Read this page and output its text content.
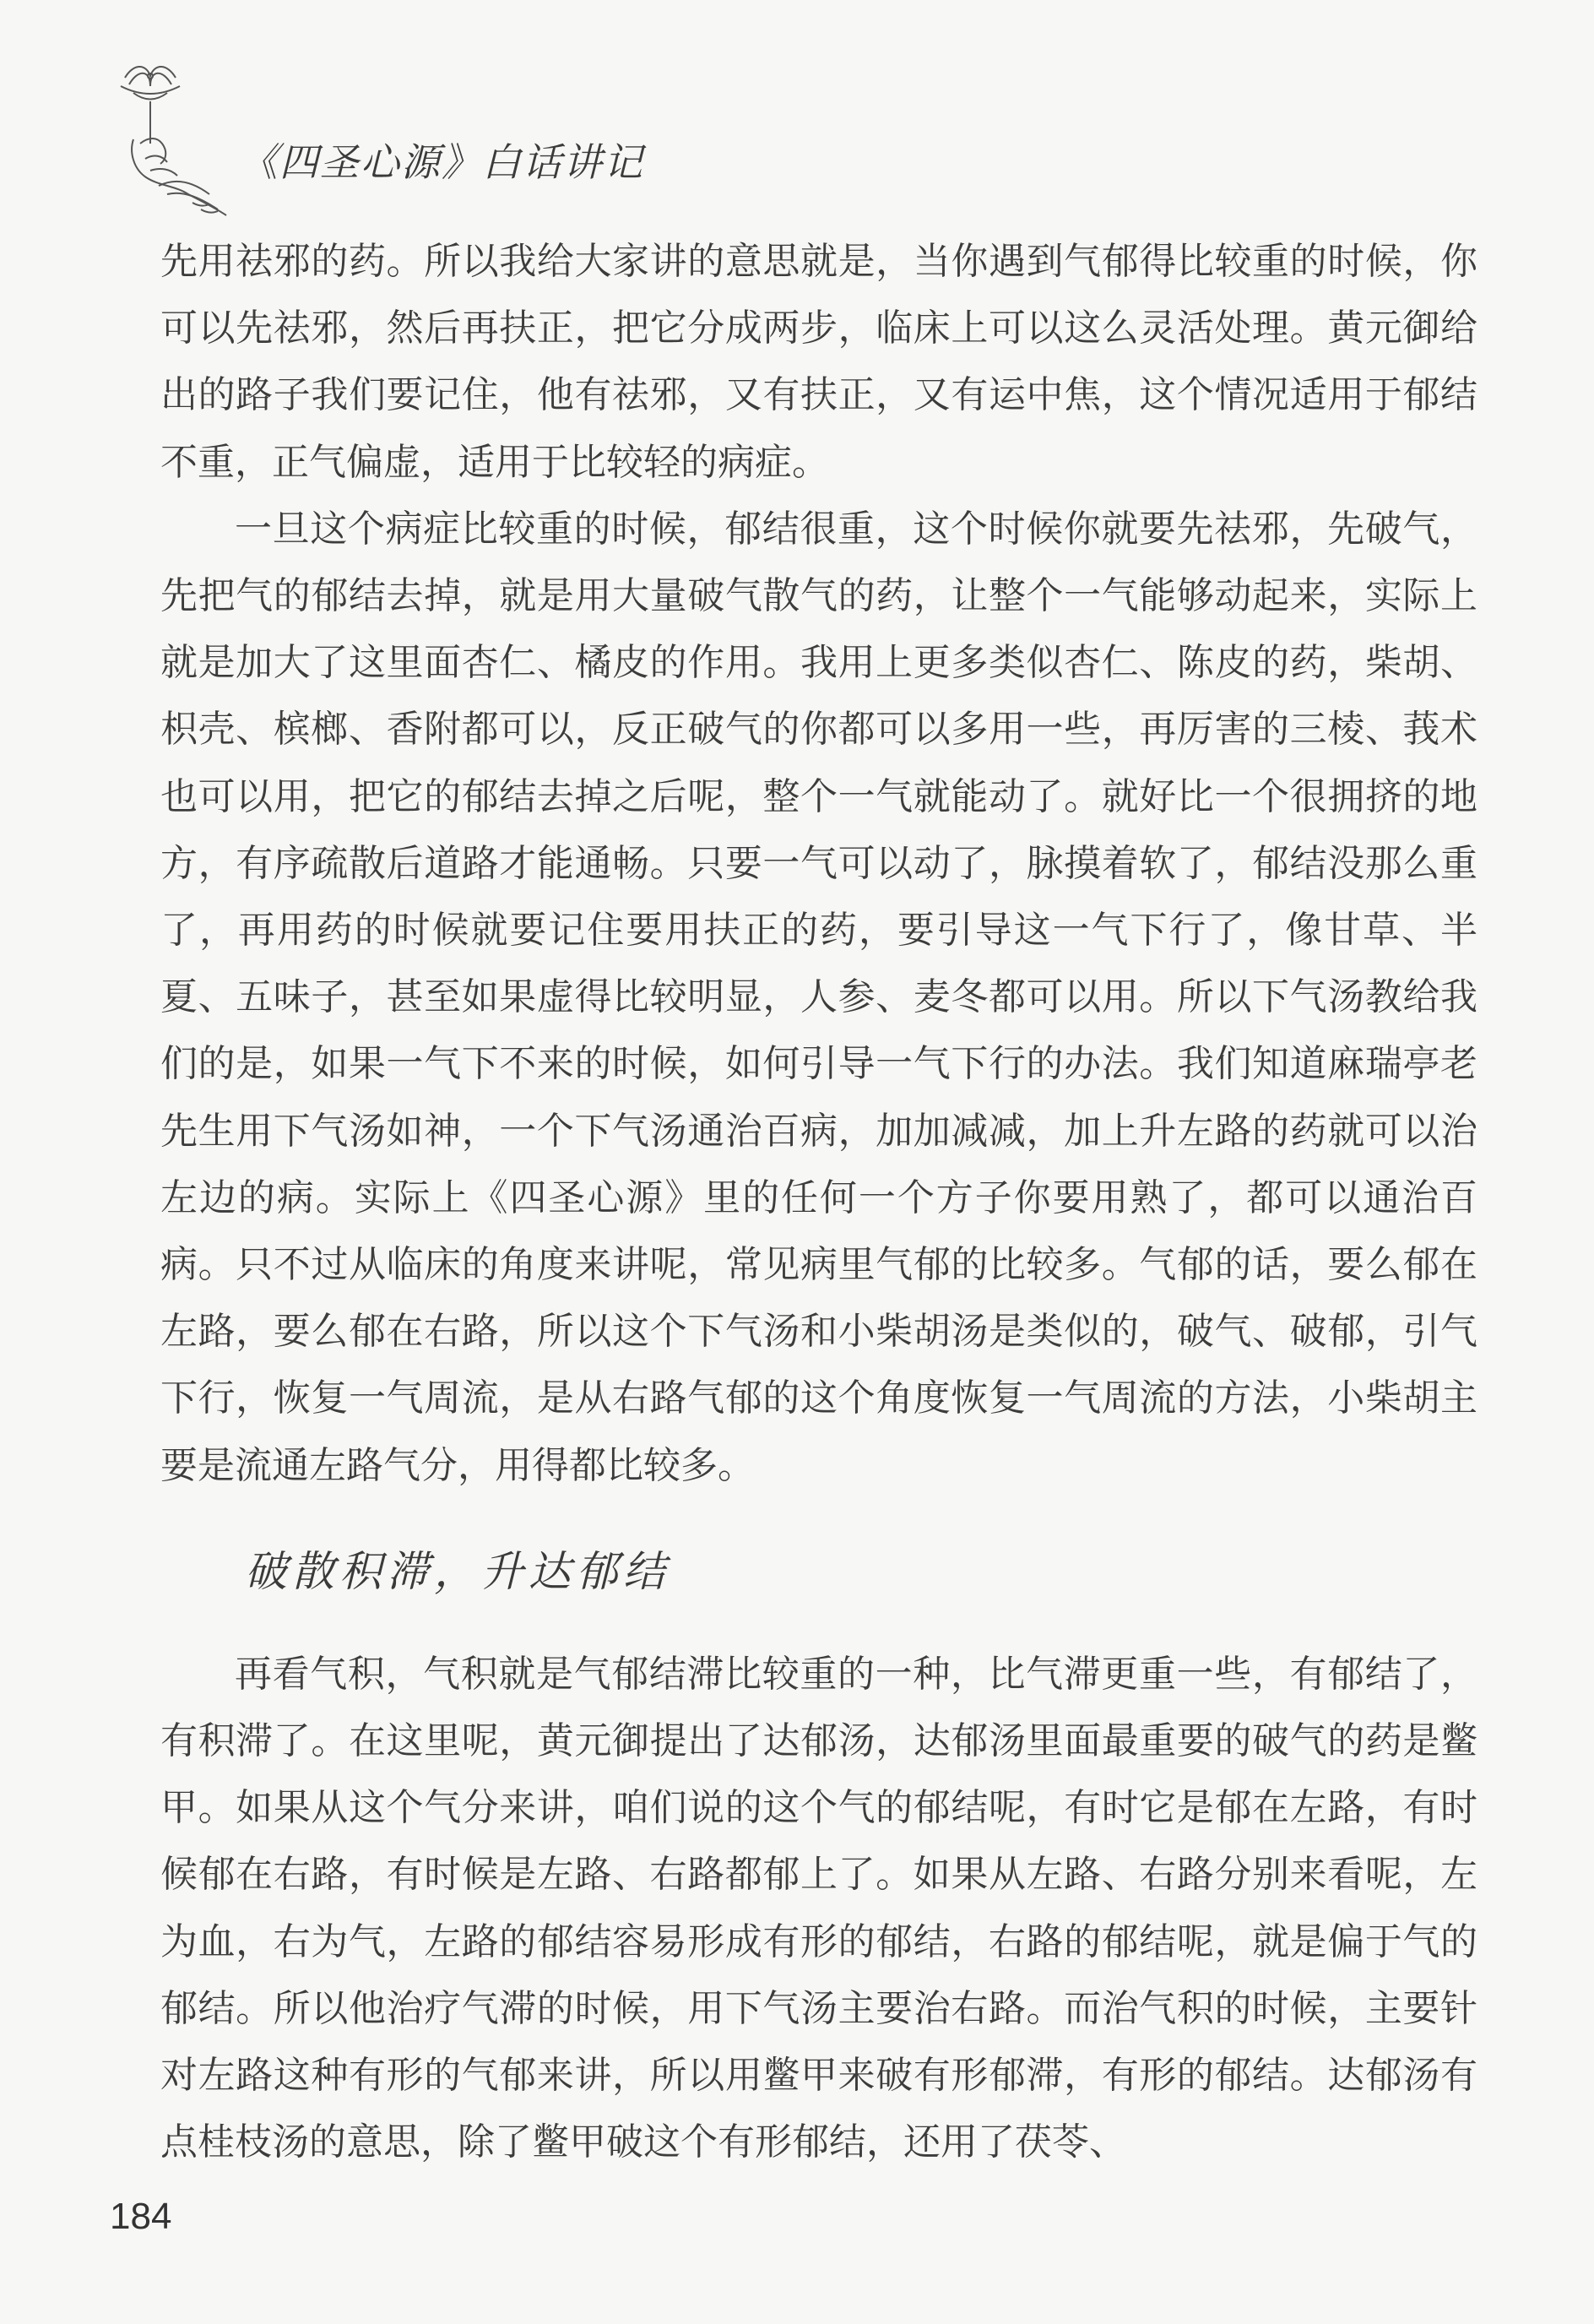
《四圣心源》白话讲记

先用祛邪的药。所以我给大家讲的意思就是，当你遇到气郁得比较重的时候，你可以先祛邪，然后再扶正，把它分成两步，临床上可以这么灵活处理。黄元御给出的路子我们要记住，他有祛邪，又有扶正，又有运中焦，这个情况适用于郁结不重，正气偏虚，适用于比较轻的病症。

一旦这个病症比较重的时候，郁结很重，这个时候你就要先祛邪，先破气，先把气的郁结去掉，就是用大量破气散气的药，让整个一气能够动起来，实际上就是加大了这里面杏仁、橘皮的作用。我用上更多类似杏仁、陈皮的药，柴胡、枳壳、槟榔、香附都可以，反正破气的你都可以多用一些，再厉害的三棱、莪术也可以用，把它的郁结去掉之后呢，整个一气就能动了。就好比一个很拥挤的地方，有序疏散后道路才能通畅。只要一气可以动了，脉摸着软了，郁结没那么重了，再用药的时候就要记住要用扶正的药，要引导这一气下行了，像甘草、半夏、五味子，甚至如果虚得比较明显，人参、麦冬都可以用。所以下气汤教给我们的是，如果一气下不来的时候，如何引导一气下行的办法。我们知道麻瑞亭老先生用下气汤如神，一个下气汤通治百病，加加减减，加上升左路的药就可以治左边的病。实际上《四圣心源》里的任何一个方子你要用熟了，都可以通治百病。只不过从临床的角度来讲呢，常见病里气郁的比较多。气郁的话，要么郁在左路，要么郁在右路，所以这个下气汤和小柴胡汤是类似的，破气、破郁，引气下行，恢复一气周流，是从右路气郁的这个角度恢复一气周流的方法，小柴胡主要是流通左路气分，用得都比较多。

破散积滞，升达郁结

再看气积，气积就是气郁结滞比较重的一种，比气滞更重一些，有郁结了，有积滞了。在这里呢，黄元御提出了达郁汤，达郁汤里面最重要的破气的药是鳖甲。如果从这个气分来讲，咱们说的这个气的郁结呢，有时它是郁在左路，有时候郁在右路，有时候是左路、右路都郁上了。如果从左路、右路分别来看呢，左为血，右为气，左路的郁结容易形成有形的郁结，右路的郁结呢，就是偏于气的郁结。所以他治疗气滞的时候，用下气汤主要治右路。而治气积的时候，主要针对左路这种有形的气郁来讲，所以用鳖甲来破有形郁滞，有形的郁结。达郁汤有点桂枝汤的意思，除了鳖甲破这个有形郁结，还用了茯苓、

184
